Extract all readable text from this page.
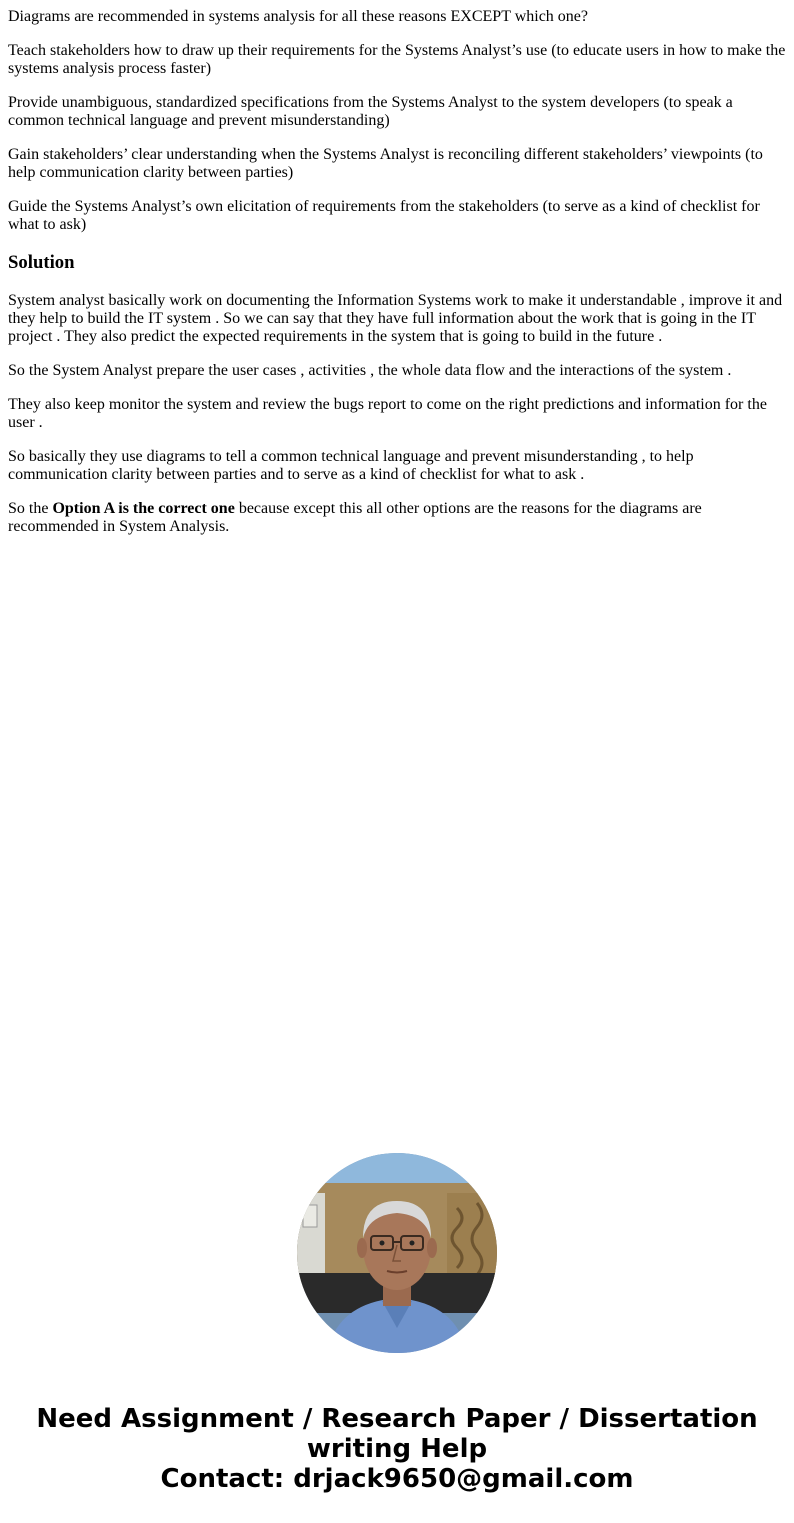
Diagrams are recommended in systems analysis for all these reasons EXCEPT which one?

Teach stakeholders how to draw up their requirements for the Systems Analyst’s use (to educate users in how to make the systems analysis process faster)

Provide unambiguous, standardized specifications from the Systems Analyst to the system developers (to speak a common technical language and prevent misunderstanding)

Gain stakeholders’ clear understanding when the Systems Analyst is reconciling different stakeholders’ viewpoints (to help communication clarity between parties)

Guide the Systems Analyst’s own elicitation of requirements from the stakeholders (to serve as a kind of checklist for what to ask)

Solution

System analyst basically work on documenting the Information Systems work to make it understandable , improve it and they help to build the IT system . So we can say that they have full information about the work that is going in the IT project . They also predict the expected requirements in the system that is going to build in the future .

So the System Analyst prepare the user cases , activities , the whole data flow and the interactions of the system .

They also keep monitor the system and review the bugs report to come on the right predictions and information for the user .

So basically they use diagrams to tell a common technical language and prevent misunderstanding , to help communication clarity between parties and to serve as a kind of checklist for what to ask .

So the Option A is the correct one because except this all other options are the reasons for the diagrams are recommended in System Analysis.

Need Assignment / Research Paper / Dissertation
writing Help
Contact: drjack9650@gmail.com
